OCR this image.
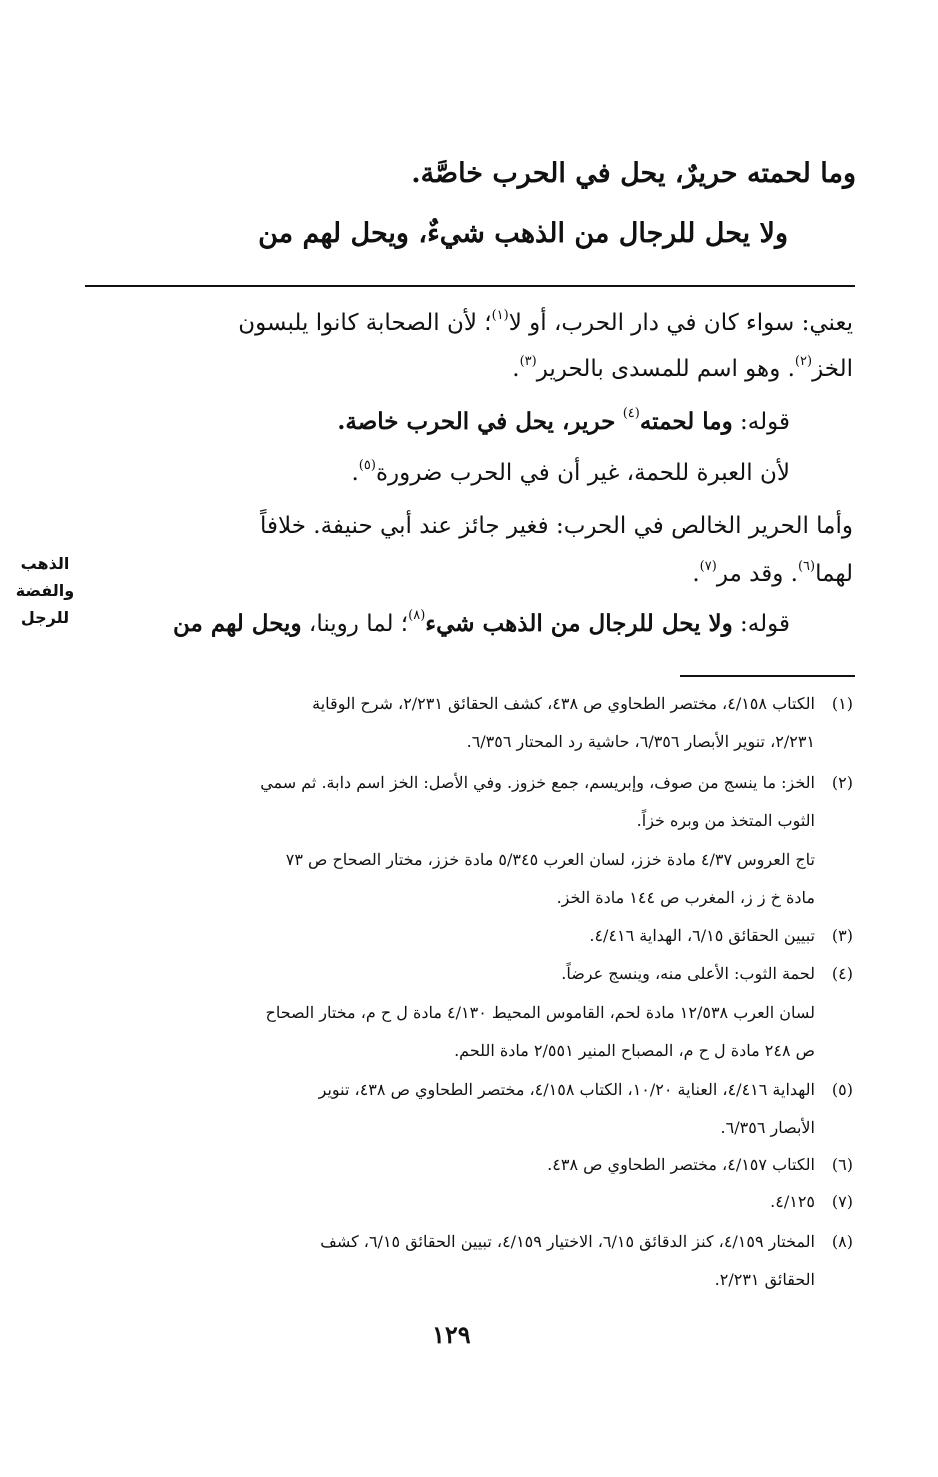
وما لحمته حريرٌ، يحل في الحرب خاصَّة.
ولا يحل للرجال من الذهب شيءٌ، ويحل لهم من
يعني: سواء كان في دار الحرب، أو لا$^{(١)}$؛ لأن الصحابة كانوا يلبسون
الخز$^{(٢)}$. وهو اسم للمسدى بالحرير$^{(٣)}$.
قوله: وما لحمته$^{(٤)}$ حرير، يحل في الحرب خاصة.
لأن العبرة للحمة، غير أن في الحرب ضرورة$^{(٥)}$.
وأما الحرير الخالص في الحرب: فغير جائز عند أبي حنيفة. خلافاً
لهما$^{(٦)}$. وقد مر$^{(٧)}$.
قوله: ولا يحل للرجال من الذهب شيء$^{(٨)}$؛ لما روينا، ويحل لهم من
الذهب
والفضة
للرجل
(١)الكتاب ٤/١٥٨، مختصر الطحاوي ص ٤٣٨، كشف الحقائق ٢/٢٣١، شرح الوقاية
٢/٢٣١، تنوير الأبصار ٦/٣٥٦، حاشية رد المحتار ٦/٣٥٦.
(٢)الخز: ما ينسج من صوف، وإبريسم، جمع خزوز. وفي الأصل: الخز اسم دابة. ثم سمي
الثوب المتخذ من وبره خزاً.
تاج العروس ٤/٣٧ مادة خزز، لسان العرب ٥/٣٤٥ مادة خزز، مختار الصحاح ص ٧٣
مادة خ ز ز، المغرب ص ١٤٤ مادة الخز.
(٣)تبيين الحقائق ٦/١٥، الهداية ٤/٤١٦.
(٤)لحمة الثوب: الأعلى منه، وينسج عرضاً.
لسان العرب ١٢/٥٣٨ مادة لحم، القاموس المحيط ٤/١٣٠ مادة ل ح م، مختار الصحاح
ص ٢٤٨ مادة ل ح م، المصباح المنير ٢/٥٥١ مادة اللحم.
(٥)الهداية ٤/٤١٦، العناية ١٠/٢٠، الكتاب ٤/١٥٨، مختصر الطحاوي ص ٤٣٨، تنوير
الأبصار ٦/٣٥٦.
(٦)الكتاب ٤/١٥٧، مختصر الطحاوي ص ٤٣٨.
(٧)٤/١٢٥.
(٨)المختار ٤/١٥٩، كنز الدقائق ٦/١٥، الاختيار ٤/١٥٩، تبيين الحقائق ٦/١٥، كشف
الحقائق ٢/٢٣١.
١٢٩
